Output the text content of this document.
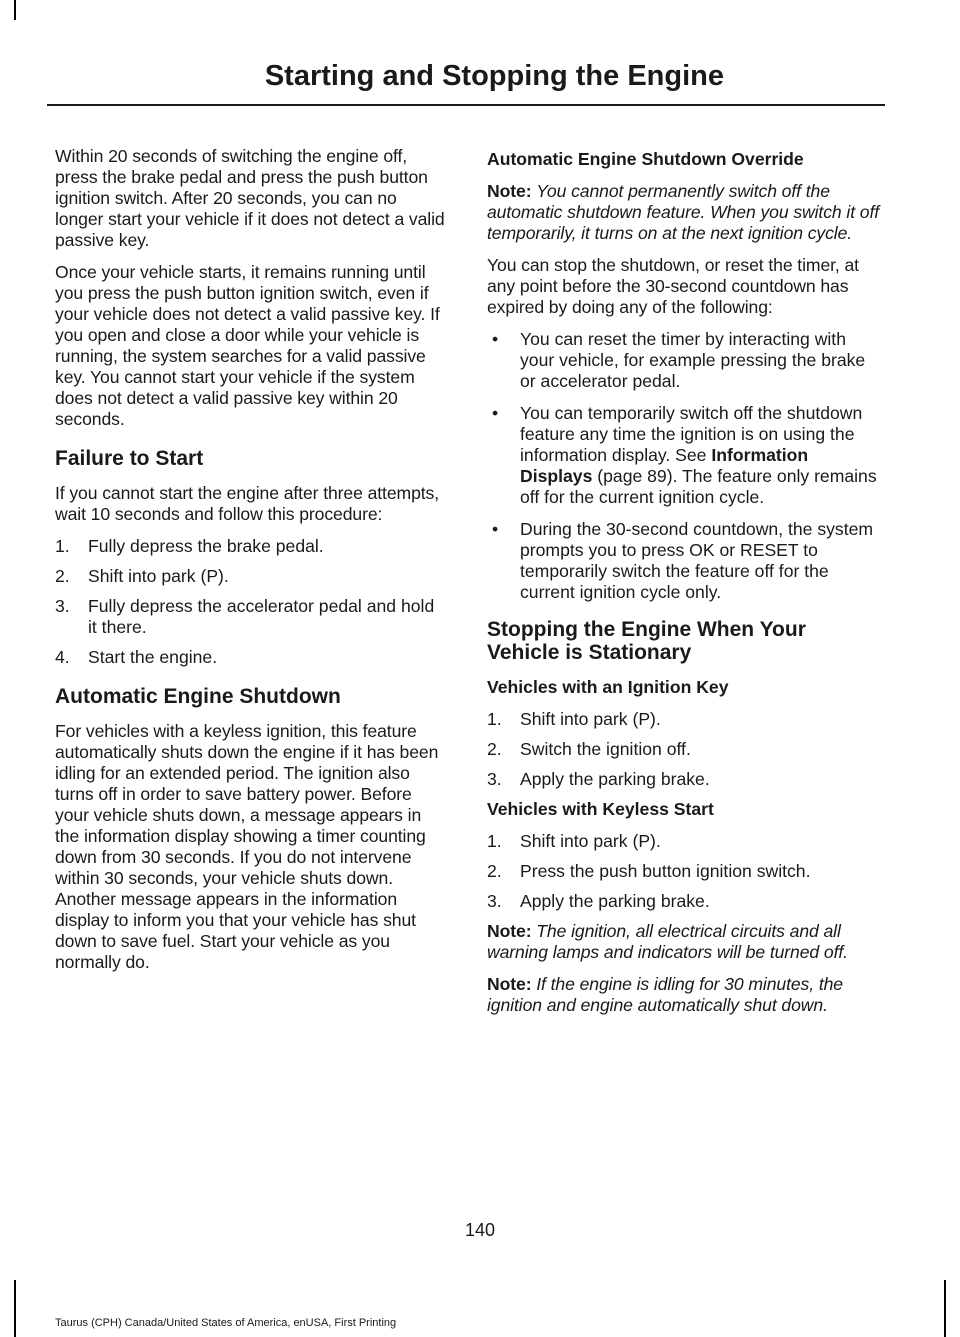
Starting and Stopping the Engine

Within 20 seconds of switching the engine off, press the brake pedal and press the push button ignition switch. After 20 seconds, you can no longer start your vehicle if it does not detect a valid passive key.

Once your vehicle starts, it remains running until you press the push button ignition switch, even if your vehicle does not detect a valid passive key. If you open and close a door while your vehicle is running, the system searches for a valid passive key. You cannot start your vehicle if the system does not detect a valid passive key within 20 seconds.

Failure to Start

If you cannot start the engine after three attempts, wait 10 seconds and follow this procedure:

1. Fully depress the brake pedal.
2. Shift into park (P).
3. Fully depress the accelerator pedal and hold it there.
4. Start the engine.
Automatic Engine Shutdown

For vehicles with a keyless ignition, this feature automatically shuts down the engine if it has been idling for an extended period. The ignition also turns off in order to save battery power. Before your vehicle shuts down, a message appears in the information display showing a timer counting down from 30 seconds. If you do not intervene within 30 seconds, your vehicle shuts down. Another message appears in the information display to inform you that your vehicle has shut down to save fuel. Start your vehicle as you normally do.

Automatic Engine Shutdown Override

Note: You cannot permanently switch off the automatic shutdown feature. When you switch it off temporarily, it turns on at the next ignition cycle.

You can stop the shutdown, or reset the timer, at any point before the 30-second countdown has expired by doing any of the following:

• You can reset the timer by interacting with your vehicle, for example pressing the brake or accelerator pedal.
• You can temporarily switch off the shutdown feature any time the ignition is on using the information display. See Information Displays (page 89). The feature only remains off for the current ignition cycle.
• During the 30-second countdown, the system prompts you to press OK or RESET to temporarily switch the feature off for the current ignition cycle only.
Stopping the Engine When Your Vehicle is Stationary
Vehicles with an Ignition Key
1. Shift into park (P).
2. Switch the ignition off.
3. Apply the parking brake.
Vehicles with Keyless Start
1. Shift into park (P).
2. Press the push button ignition switch.
3. Apply the parking brake.

Note: The ignition, all electrical circuits and all warning lamps and indicators will be turned off.

Note: If the engine is idling for 30 minutes, the ignition and engine automatically shut down.

140
Taurus (CPH) Canada/United States of America, enUSA, First Printing
